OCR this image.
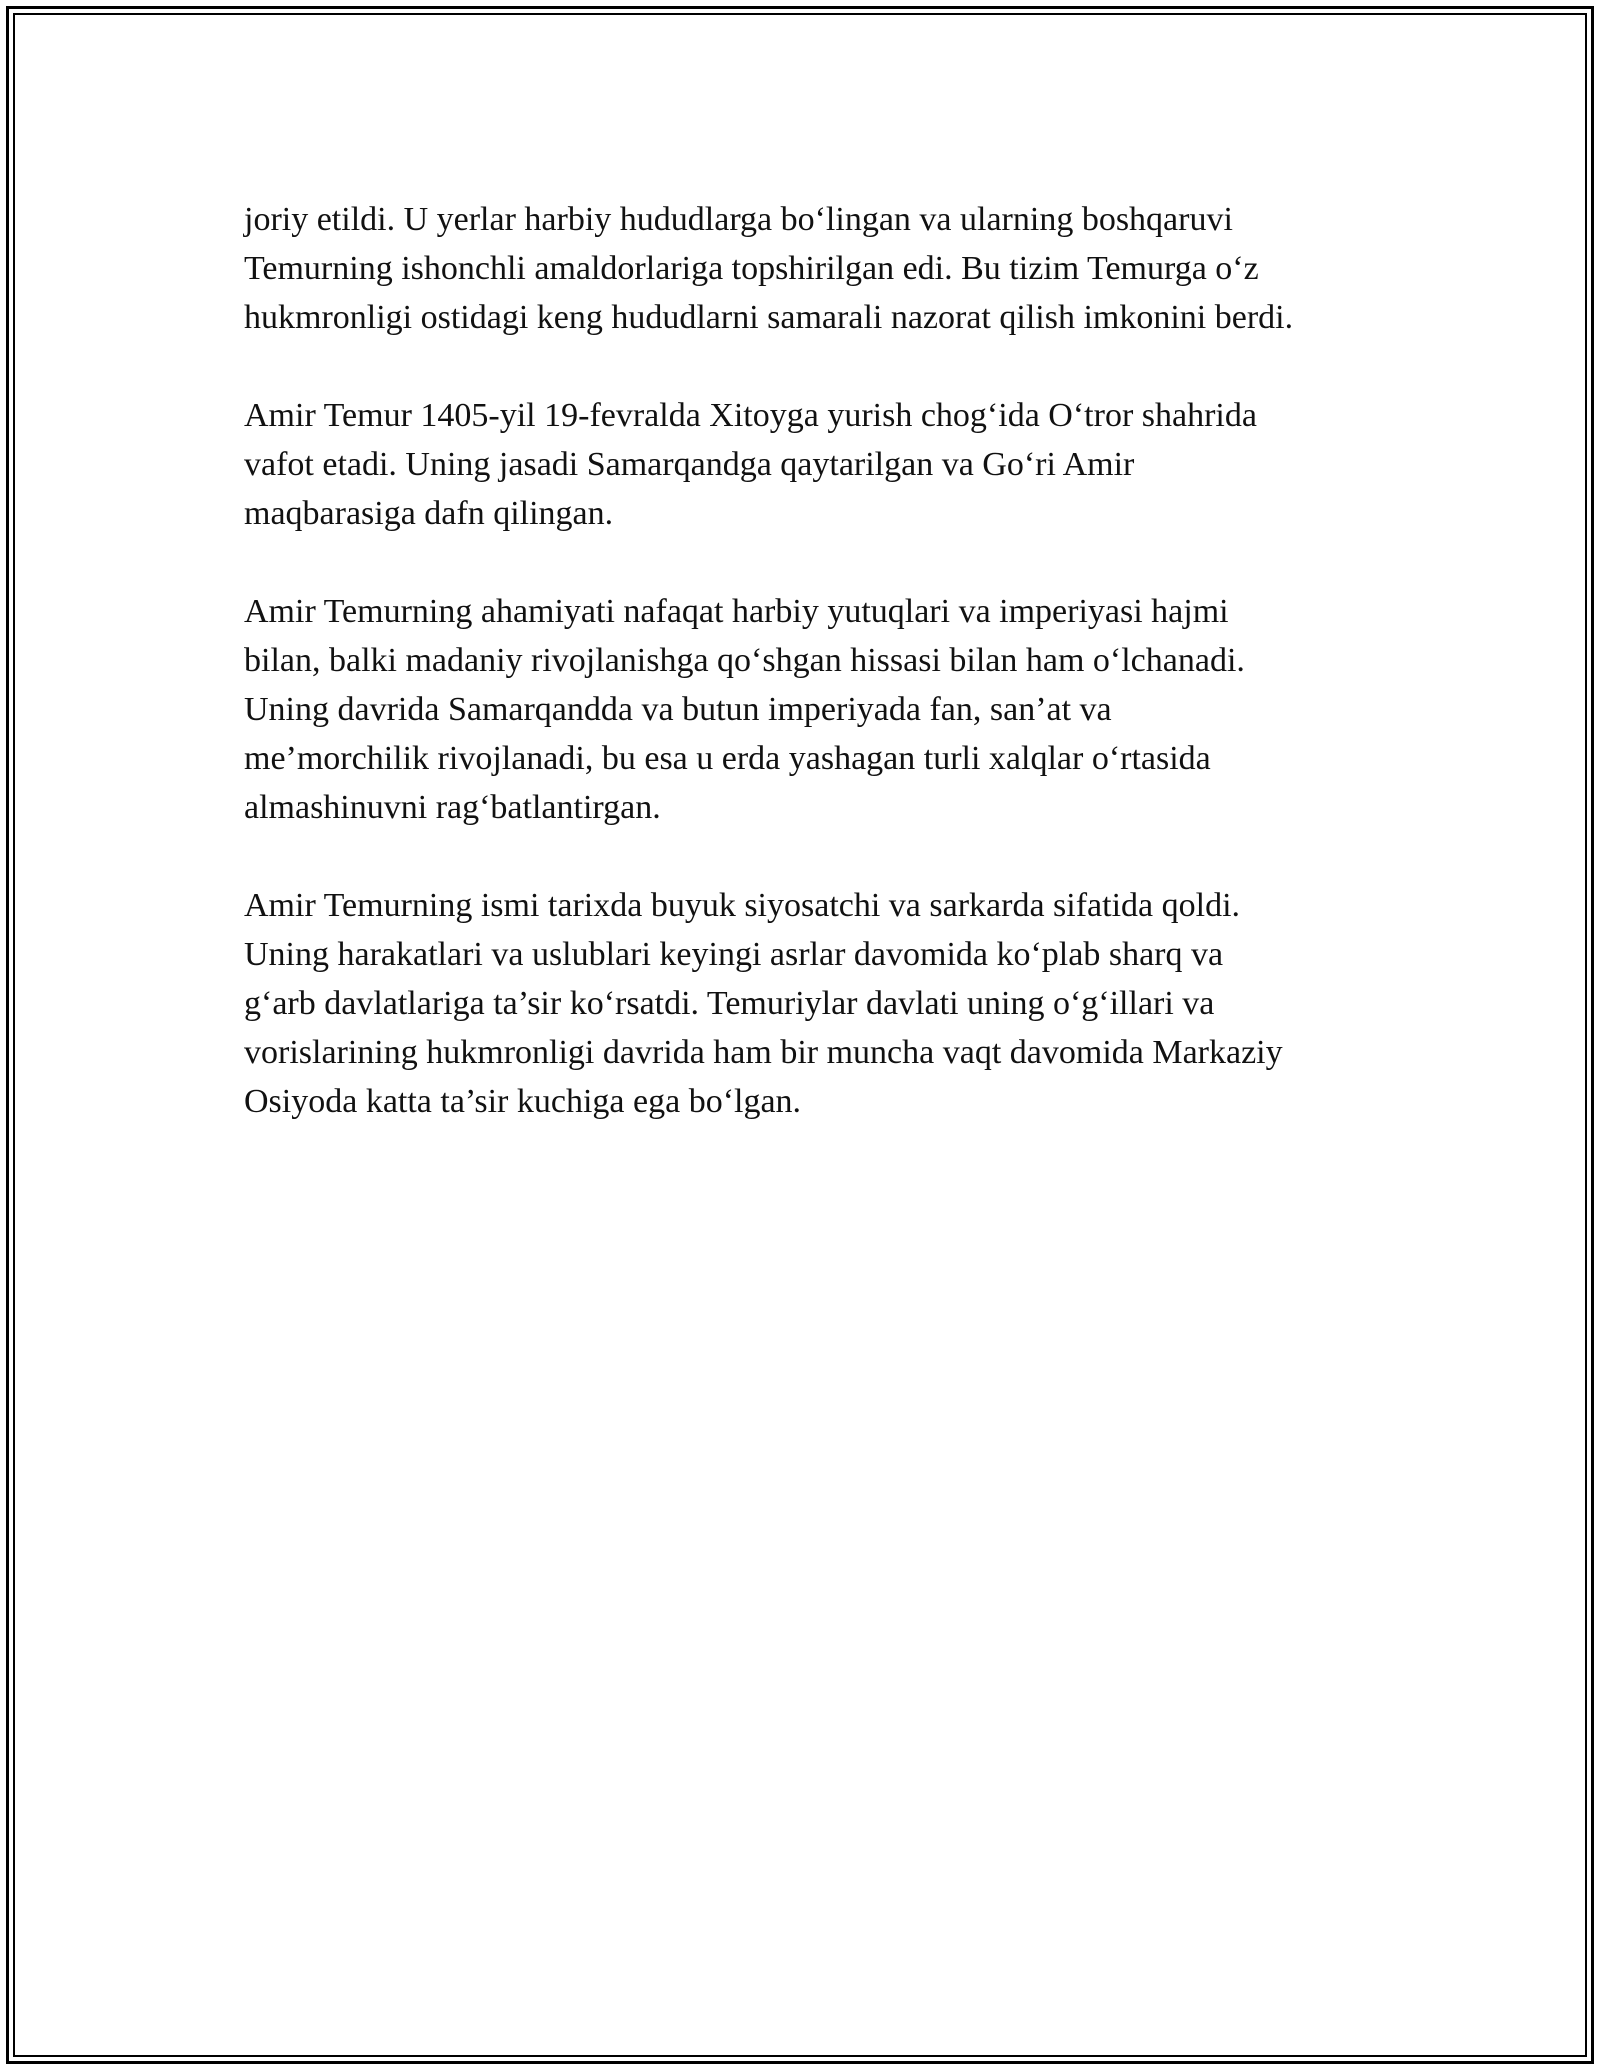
joriy etildi. U yerlar harbiy hududlarga bo‘lingan va ularning boshqaruvi
Temurning ishonchli amaldorlariga topshirilgan edi. Bu tizim Temurga o‘z
hukmronligi ostidagi keng hududlarni samarali nazorat qilish imkonini berdi.

Amir Temur 1405-yil 19-fevralda Xitoyga yurish chog‘ida O‘tror shahrida
vafot etadi. Uning jasadi Samarqandga qaytarilgan va Go‘ri Amir
maqbarasiga dafn qilingan.

Amir Temurning ahamiyati nafaqat harbiy yutuqlari va imperiyasi hajmi
bilan, balki madaniy rivojlanishga qo‘shgan hissasi bilan ham o‘lchanadi.
Uning davrida Samarqandda va butun imperiyada fan, san’at va
me’morchilik rivojlanadi, bu esa u erda yashagan turli xalqlar o‘rtasida
almashinuvni rag‘batlantirgan.

Amir Temurning ismi tarixda buyuk siyosatchi va sarkarda sifatida qoldi.
Uning harakatlari va uslublari keyingi asrlar davomida ko‘plab sharq va
g‘arb davlatlariga ta’sir ko‘rsatdi. Temuriylar davlati uning o‘g‘illari va
vorislarining hukmronligi davrida ham bir muncha vaqt davomida Markaziy
Osiyoda katta ta’sir kuchiga ega bo‘lgan.
